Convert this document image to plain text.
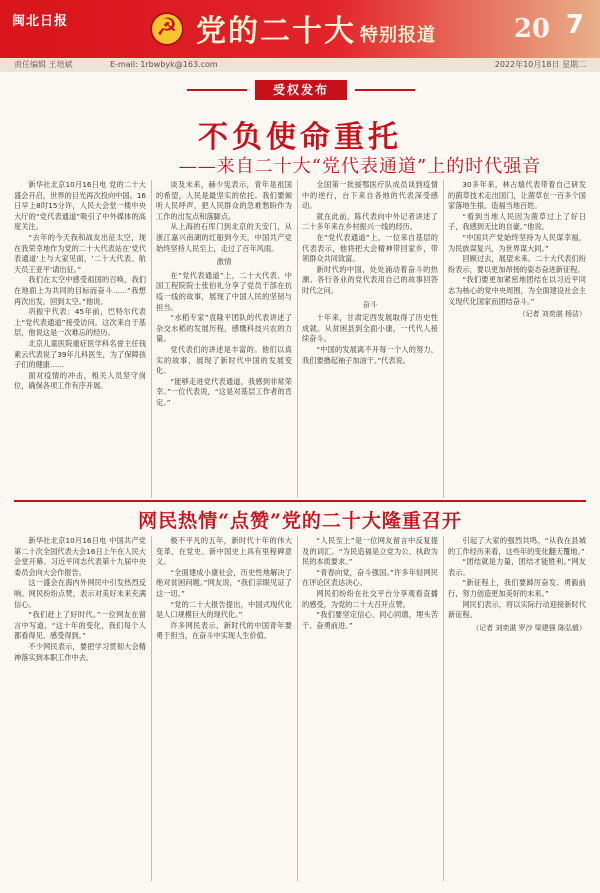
闽北日报
☭	党的二十大 特别报道	20 7
责任编辑 王培斌	E-mail: 1rbwbyk@163.com	2022年10月18日 星期二
受权发布
不负使命重托
——来自二十大“党代表通道”上的时代强音

新华社北京10月16日电 党的二十大盛会开启，世界的目光再次投向中国。16日早上8时15分许，人民大会堂一楼中央大厅的“党代表通道”吸引了中外媒体的高度关注。

“去年的今天我和战友出征太空，现在我荣幸地作为党的二十大代表站在‘党代表通道’上与大家见面，‘二十大代表、航天员王亚平’请出征。”

我们在太空中感受祖国的召唤，我们在地面上为共同的目标而奋斗……“我想再次出发，回到太空。”他说。

巩振宇代表：45年前，巴特尔代表上“党代表通道”接受访问。这次来自于基层，他说这是一次难忘的经历。

北京儿童医院重症医学科名誉主任钱素云代表说了39年儿科医生，为了保障孩子们的健康……

面对疫情的冲击，相关人员坚守岗位，确保各项工作有序开展。

谈及未来，赫少宪表示，青年是祖国的希望，人民是最坚实的依托。我们要倾听人民呼声，把人民群众的急难愁盼作为工作的出发点和落脚点。

从上海的石库门到北京的天安门，从浙江嘉兴南湖的红船到今天，中国共产党始终坚持人民至上，走过了百年风雨。

激情

在“党代表通道”上，二十大代表、中国工程院院士张伯礼分享了党员干部在抗疫一线的故事，展现了中国人民的坚韧与担当。

“水稻专家”袁隆平团队的代表讲述了杂交水稻的发展历程，感慨科技兴农的力量。

党代表们的讲述是丰富的。他们以真实的故事，展现了新时代中国的发展变化。

“能够走进党代表通道，我感到非常荣幸。”一位代表说，“这是对基层工作者的肯定。”

全国第一批援鄂医疗队成员谈到疫情中的逆行，台下来自各地的代表深受感动。

就在此前，陈代表向中外记者讲述了二十多年来在乡村振兴一线的经历。

在“党代表通道”上，一位来自基层的代表表示，他将把大会精神带回家乡，带领群众共同致富。

新时代的中国，处处涌动着奋斗的热潮。各行各业的党代表用自己的故事回答时代之问。

奋斗

十年来，甘肃定西发展取得了历史性成就。从贫困县到全面小康，一代代人接续奋斗。

“中国的发展离不开每一个人的努力，我们要撸起袖子加油干。”代表说。

30多年来，林占熺代表带着自己研发的菌草技术走出国门，让菌草在一百多个国家落地生根，造福当地百姓。

“看到当地人民因为菌草过上了好日子，我感到无比的自豪。”他说。

“中国共产党始终坚持为人民谋幸福，为民族谋复兴，为世界谋大同。”

回顾过去，展望未来。二十大代表们纷纷表示，要以更加昂扬的姿态奋进新征程。

“我们要更加紧密地团结在以习近平同志为核心的党中央周围，为全面建设社会主义现代化国家而团结奋斗。”

（记者 刘奕湛 杨洁）
网民热情“点赞”党的二十大隆重召开

新华社北京10月16日电 中国共产党第二十次全国代表大会16日上午在人民大会堂开幕。习近平同志代表第十九届中央委员会向大会作报告。

这一盛会在海内外网民中引发热烈反响。网民纷纷点赞，表示对美好未来充满信心。

“我们赶上了好时代。”一位网友在留言中写道，“这十年的变化，我们每个人都看得见、感受得到。”

不少网民表示，要把学习贯彻大会精神落实到本职工作中去。

极不平凡的五年，新时代十年的伟大变革，在党史、新中国史上具有里程碑意义。

“全面建成小康社会，历史性地解决了绝对贫困问题。”网友说，“我们亲眼见证了这一切。”

“党的二十大报告提出，中国式现代化是人口规模巨大的现代化。”

许多网民表示，新时代的中国青年要勇于担当，在奋斗中实现人生价值。

“人民至上”是一位网友留言中反复提及的词汇。“为民造福是立党为公、执政为民的本质要求。”

“青春向党，奋斗强国。”许多年轻网民在评论区表达决心。

网民们纷纷在社交平台分享观看直播的感受，为党的二十大召开点赞。

“我们要坚定信心、同心同德，埋头苦干、奋勇前进。”

引起了大家的强烈共鸣。“从我在县城的工作经历来看，这些年的变化翻天覆地。”

“团结就是力量，团结才能胜利。”网友表示。

“新征程上，我们要踔厉奋发、勇毅前行，努力创造更加美好的未来。”

网民们表示，将以实际行动迎接新时代新征程。

（记者 刘奕湛 罗沙 梁建强 陈弘毅）
